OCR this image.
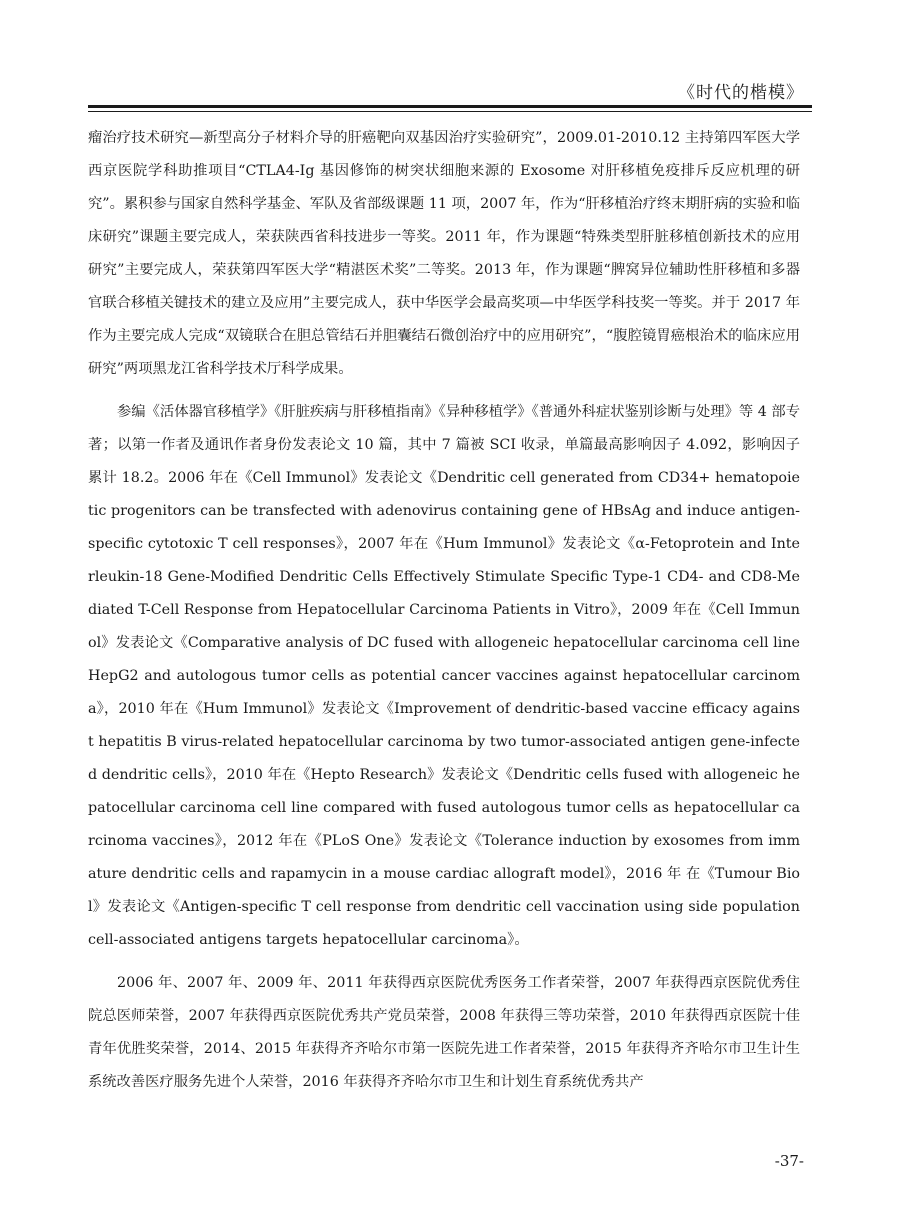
《时代的楷模》

瘤治疗技术研究—新型高分子材料介导的肝癌靶向双基因治疗实验研究”，2009.01-2010.12 主持第四军医大学西京医院学科助推项目“CTLA4-Ig 基因修饰的树突状细胞来源的 Exosome 对肝移植免疫排斥反应机理的研究”。累积参与国家自然科学基金、军队及省部级课题 11 项，2007 年，作为“肝移植治疗终末期肝病的实验和临床研究”课题主要完成人，荣获陕西省科技进步一等奖。2011 年，作为课题“特殊类型肝脏移植创新技术的应用研究”主要完成人，荣获第四军医大学“精湛医术奖”二等奖。2013 年，作为课题“脾窝异位辅助性肝移植和多器官联合移植关键技术的建立及应用”主要完成人，获中华医学会最高奖项—中华医学科技奖一等奖。并于 2017 年作为主要完成人完成“双镜联合在胆总管结石并胆囊结石微创治疗中的应用研究”，“腹腔镜胃癌根治术的临床应用研究”两项黑龙江省科学技术厅科学成果。

参编《活体器官移植学》《肝脏疾病与肝移植指南》《异种移植学》《普通外科症状鉴别诊断与处理》等 4 部专著；以第一作者及通讯作者身份发表论文 10 篇，其中 7 篇被 SCI 收录，单篇最高影响因子 4.092，影响因子累计 18.2。2006 年在《Cell Immunol》发表论文《Dendritic cell generated from CD34+ hematopoietic progenitors can be transfected with adenovirus containing gene of HBsAg and induce antigen-specific cytotoxic T cell responses》，2007 年在《Hum Immunol》发表论文《α-Fetoprotein and Interleukin-18 Gene-Modified Dendritic Cells Effectively Stimulate Specific Type-1 CD4- and CD8-Mediated T-Cell Response from Hepatocellular Carcinoma Patients in Vitro》，2009 年在《Cell Immunol》发表论文《Comparative analysis of DC fused with allogeneic hepatocellular carcinoma cell line HepG2 and autologous tumor cells as potential cancer vaccines against hepatocellular carcinoma》，2010 年在《Hum Immunol》发表论文《Improvement of dendritic-based vaccine efficacy against hepatitis B virus-related hepatocellular carcinoma by two tumor-associated antigen gene-infected dendritic cells》，2010 年在《Hepto Research》发表论文《Dendritic cells fused with allogeneic hepatocellular carcinoma cell line compared with fused autologous tumor cells as hepatocellular carcinoma vaccines》，2012 年在《PLoS One》发表论文《Tolerance induction by exosomes from immature dendritic cells and rapamycin in a mouse cardiac allograft model》，2016 年 在《Tumour Biol》发表论文《Antigen-specific T cell response from dendritic cell vaccination using side population cell-associated antigens targets hepatocellular carcinoma》。

2006 年、2007 年、2009 年、2011 年获得西京医院优秀医务工作者荣誉，2007 年获得西京医院优秀住院总医师荣誉，2007 年获得西京医院优秀共产党员荣誉，2008 年获得三等功荣誉，2010 年获得西京医院十佳青年优胜奖荣誉，2014、2015 年获得齐齐哈尔市第一医院先进工作者荣誉，2015 年获得齐齐哈尔市卫生计生系统改善医疗服务先进个人荣誉，2016 年获得齐齐哈尔市卫生和计划生育系统优秀共产

-37-
